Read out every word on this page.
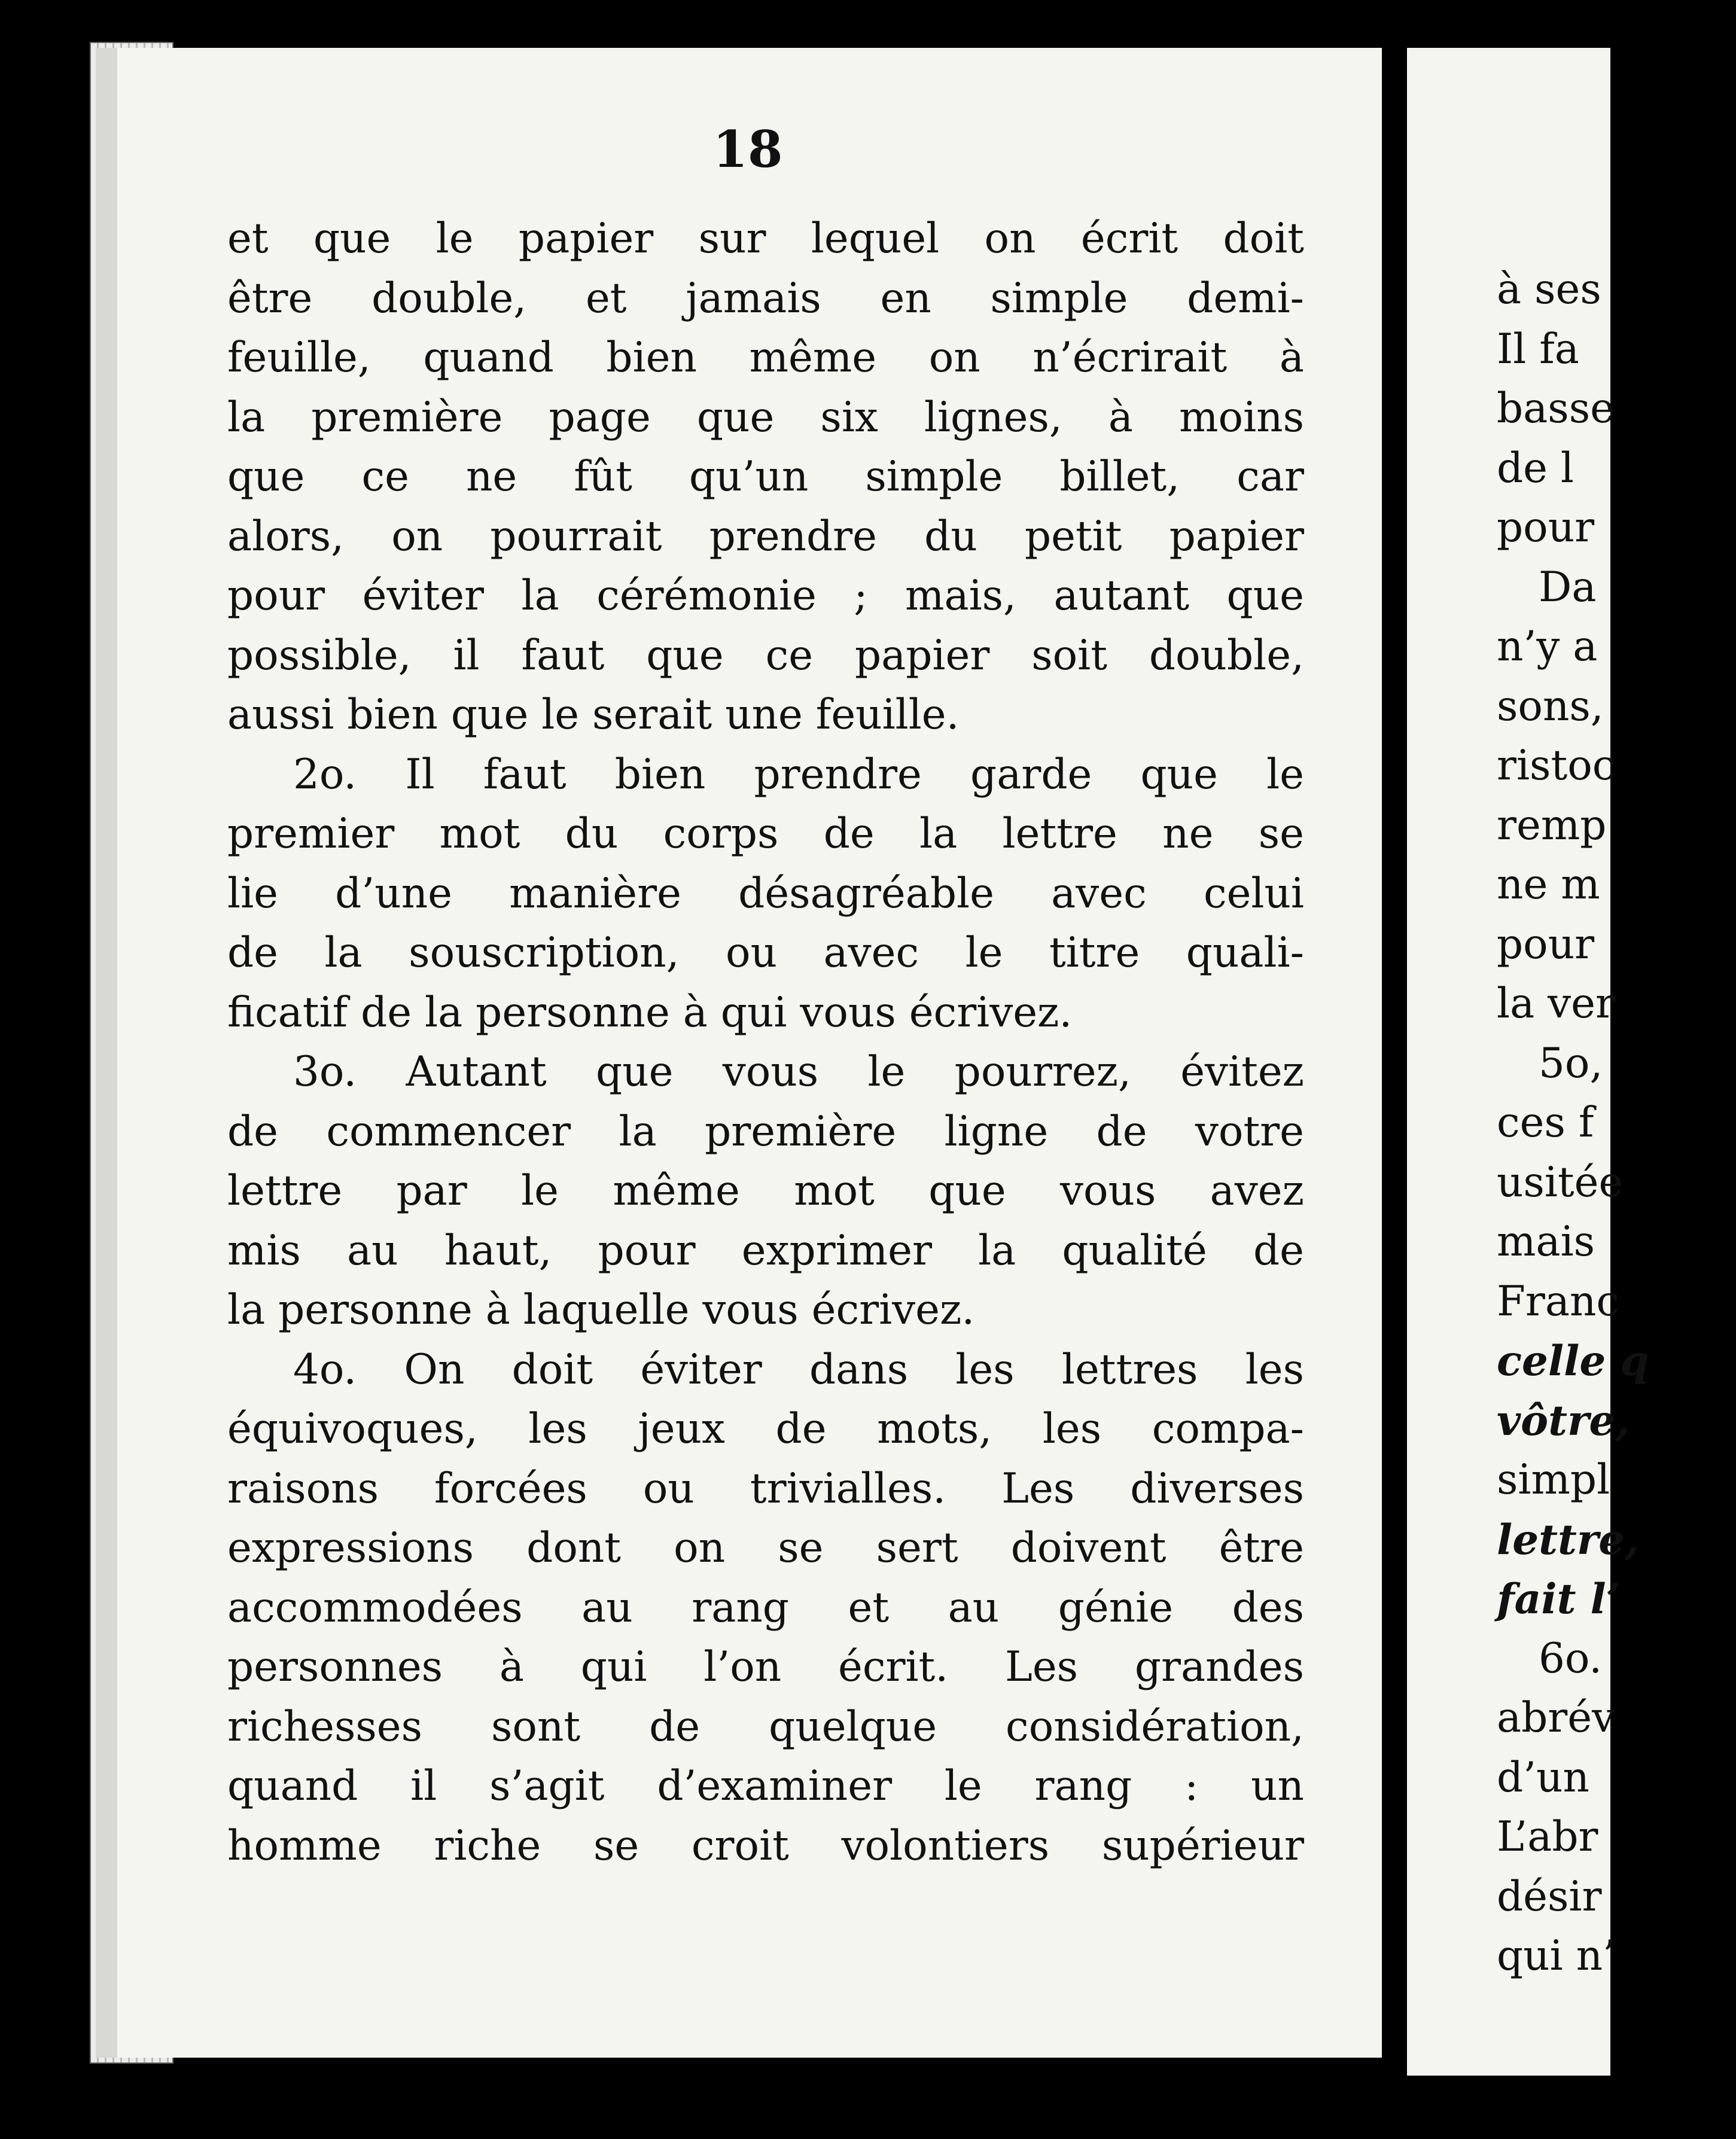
18
et que le papier sur lequel on écrit doit
être double, et jamais en simple demi-
feuille, quand bien même on n’écrirait à
la première page que six lignes, à moins
que ce ne fût qu’un simple billet, car
alors, on pourrait prendre du petit papier
pour éviter la cérémonie ; mais, autant que
possible, il faut que ce papier soit double,
aussi bien que le serait une feuille.
2o. Il faut bien prendre garde que le
premier mot du corps de la lettre ne se
lie d’une manière désagréable avec celui
de la souscription, ou avec le titre quali-
ficatif de la personne à qui vous écrivez.
3o. Autant que vous le pourrez, évitez
de commencer la première ligne de votre
lettre par le même mot que vous avez
mis au haut, pour exprimer la qualité de
la personne à laquelle vous écrivez.
4o. On doit éviter dans les lettres les
équivoques, les jeux de mots, les compa-
raisons forcées ou trivialles. Les diverses
expressions dont on se sert doivent être
accommodées au rang et au génie des
personnes à qui l’on écrit. Les grandes
richesses sont de quelque considération,
quand il s’agit d’examiner le rang : un
homme riche se croit volontiers supérieur
à ses
Il fa
basse
de l
pour
Da
n’y a
sons,
ristoc
remp
ne m
pour
la ver
5o,
ces f
usitée
mais
Franc
celle q
vôtre,
simpl
lettre,
fait l’
6o.
abrév
d’un
L’abr
désir
qui n’
